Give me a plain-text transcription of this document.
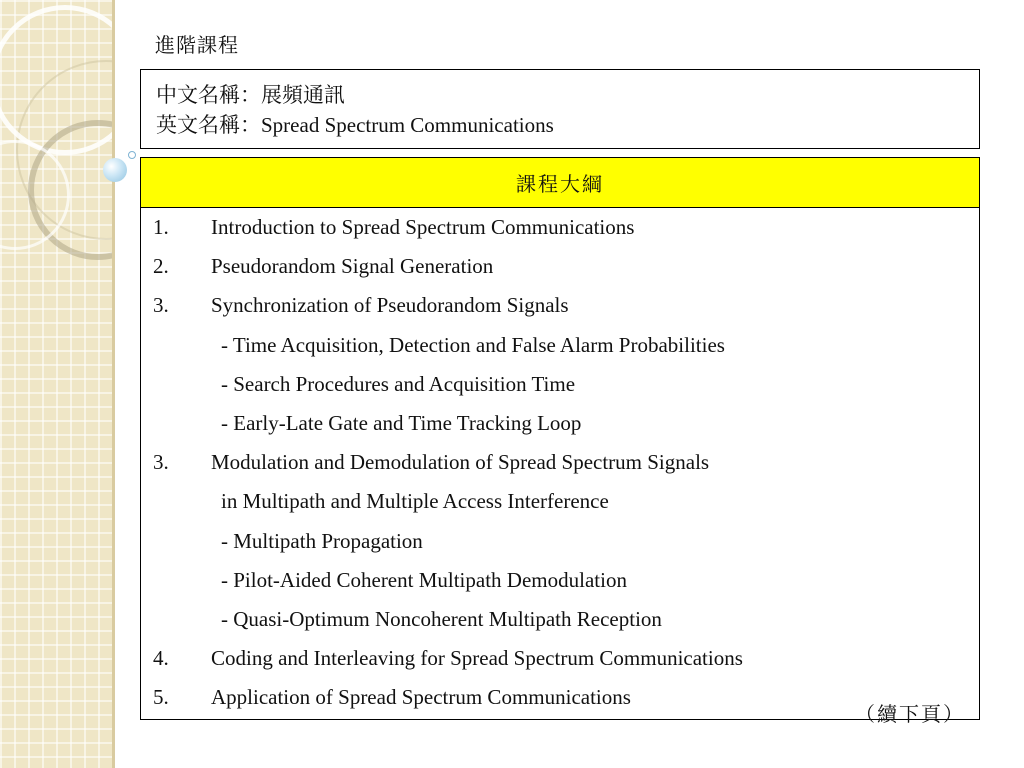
進階課程
中文名稱：展頻通訊
英文名稱：Spread Spectrum Communications
課程大綱
1. Introduction to Spread Spectrum Communications
2. Pseudorandom Signal Generation
3. Synchronization of Pseudorandom Signals
- Time Acquisition, Detection and False Alarm Probabilities
- Search Procedures and Acquisition Time
- Early-Late Gate and Time Tracking Loop
3. Modulation and Demodulation of Spread Spectrum Signals
in Multipath and Multiple Access Interference
- Multipath Propagation
- Pilot-Aided Coherent Multipath Demodulation
- Quasi-Optimum Noncoherent Multipath Reception
4. Coding and Interleaving for Spread Spectrum Communications
5. Application of Spread Spectrum Communications
（續下頁）
